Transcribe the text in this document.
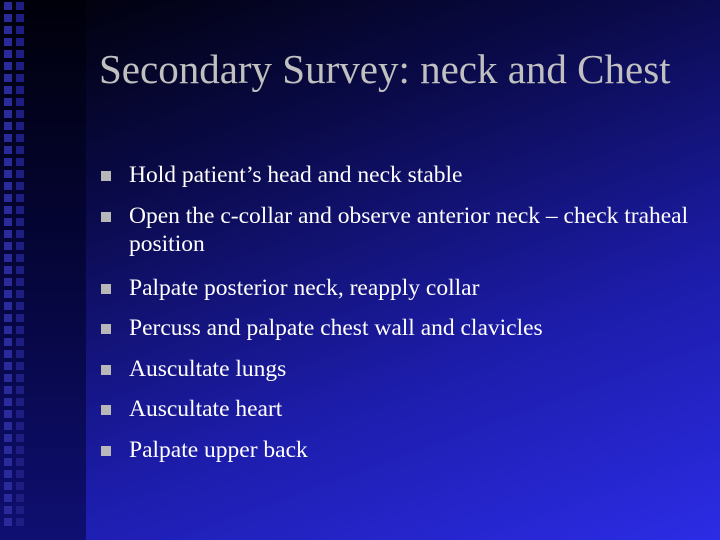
Secondary Survey: neck and Chest
Hold patient’s head and neck stable
Open the c-collar and observe anterior neck – check traheal position
Palpate posterior neck, reapply collar
Percuss and palpate chest wall and clavicles
Auscultate lungs
Auscultate heart
Palpate upper back
